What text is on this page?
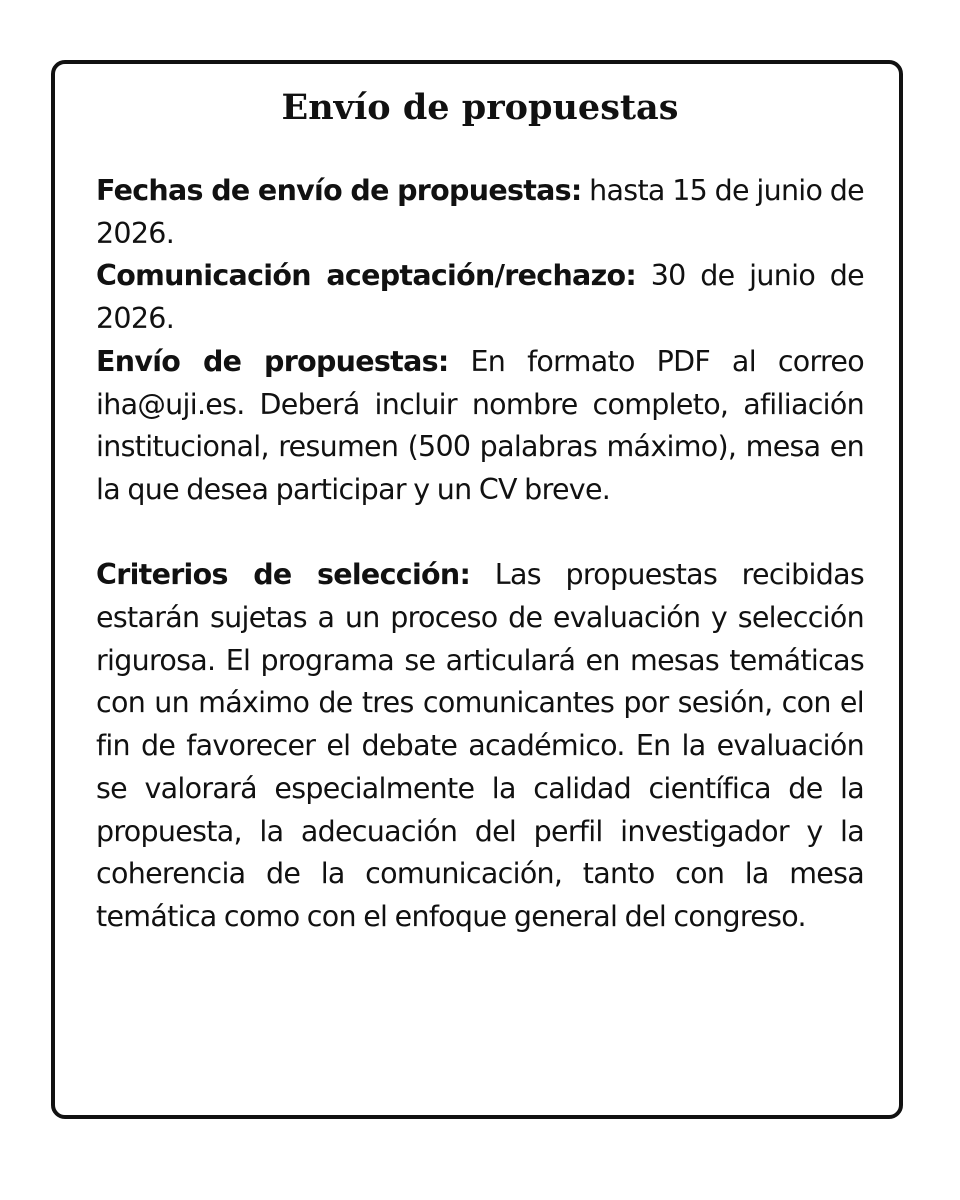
Envío de propuestas

Fechas de envío de propuestas: hasta 15 de junio de 2026.

Comunicación aceptación/rechazo: 30 de junio de 2026.

Envío de propuestas: En formato PDF al correo iha@uji.es. Deberá incluir nombre completo, afiliación institucional, resumen (500 palabras máximo), mesa en la que desea participar y un CV breve.

Criterios de selección: Las propuestas recibidas estarán sujetas a un proceso de evaluación y selección rigurosa. El programa se articulará en mesas temáticas con un máximo de tres comunicantes por sesión, con el fin de favorecer el debate académico. En la evaluación se valorará especialmente la calidad científica de la propuesta, la adecuación del perfil investigador y la coherencia de la comunicación, tanto con la mesa temática como con el enfoque general del congreso.
